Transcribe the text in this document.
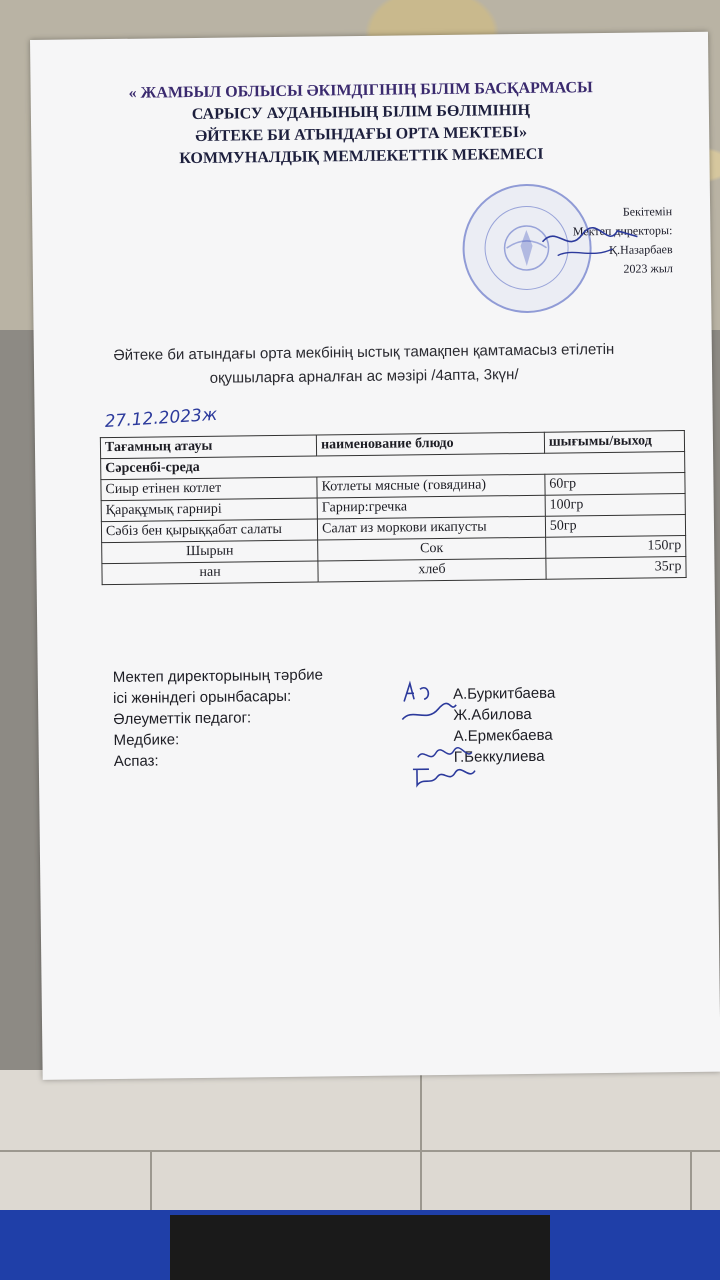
« ЖАМБЫЛ ОБЛЫСЫ ӘКІМДІГІНІҢ БІЛІМ БАСҚАРМАСЫ
САРЫСУ АУДАНЫНЫҢ БІЛІМ БӨЛІМІНІҢ
ӘЙТЕКЕ БИ АТЫНДАҒЫ ОРТА МЕКТЕБІ»
КОММУНАЛДЫҚ МЕМЛЕКЕТТІК МЕКЕМЕСІ
Бекітемін
Мектеп директоры:
Қ.Назарбаев
2023 жыл
Әйтеке би атындағы орта мекбінің ыстық тамақпен қамтамасыз етілетін
оқушыларға арналған ас мәзірі /4апта, 3күн/
27.12.2023ж
Тағамның атауы	наименование блюдо	шығымы/выход
Сәрсенбі-среда		
Сиыр етінен котлет	Котлеты мясные (говядина)	60гр
Қарақұмық гарнирі	Гарнир:гречка	100гр
Сәбіз бен қырыққабат салаты	Салат из моркови икапусты	50гр
Шырын	Сок	150гр
нан	хлеб	35гр
Мектеп директорының тәрбие
ісі жөніндегі орынбасары:	А.Буркитбаева
Әлеуметтік педагог:	Ж.Абилова
Медбике:	А.Ермекбаева
Аспаз:	Г.Беккулиева
